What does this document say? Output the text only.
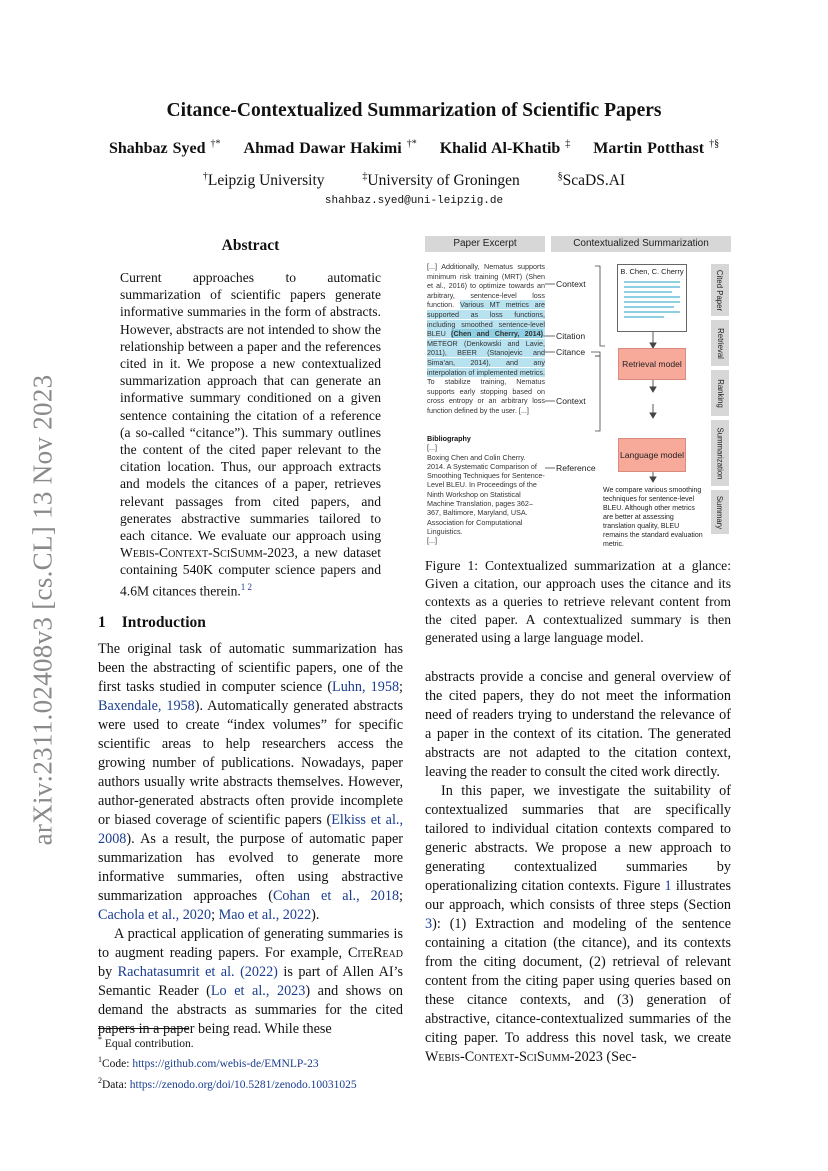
arXiv:2311.02408v3 [cs.CL] 13 Nov 2023
Citance-Contextualized Summarization of Scientific Papers
Shahbaz Syed †* Ahmad Dawar Hakimi †* Khalid Al-Khatib ‡ Martin Potthast †§
†Leipzig University	‡University of Groningen	§ScaDS.AI
shahbaz.syed@uni-leipzig.de
Abstract

Current approaches to automatic summarization of scientific papers generate informative summaries in the form of abstracts. However, abstracts are not intended to show the relationship between a paper and the references cited in it. We propose a new contextualized summarization approach that can generate an informative summary conditioned on a given sentence containing the citation of a reference (a so-called “citance”). This summary outlines the content of the cited paper relevant to the citation location. Thus, our approach extracts and models the citances of a paper, retrieves relevant passages from cited papers, and generates abstractive summaries tailored to each citance. We evaluate our approach using Webis-Context-SciSumm-2023, a new dataset containing 540K computer science papers and 4.6M citances therein.$^{1 2}$

1 Introduction

The original task of automatic summarization has been the abstracting of scientific papers, one of the first tasks studied in computer science (Luhn, 1958; Baxendale, 1958). Automatically generated abstracts were used to create “index volumes” for specific scientific areas to help researchers access the growing number of publications. Nowadays, paper authors usually write abstracts themselves. However, author-generated abstracts often provide incomplete or biased coverage of scientific papers (Elkiss et al., 2008). As a result, the purpose of automatic paper summarization has evolved to generate more informative summaries, often using abstractive summarization approaches (Cohan et al., 2018; Cachola et al., 2020; Mao et al., 2022).

A practical application of generating summaries is to augment reading papers. For example, CiteRead by Rachatasumrit et al. (2022) is part of Allen AI’s Semantic Reader (Lo et al., 2023) and shows on demand the abstracts as summaries for the cited papers in a paper being read. While these

* Equal contribution.
$^1$Code: https://github.com/webis-de/EMNLP-23
$^2$Data: https://zenodo.org/doi/10.5281/zenodo.10031025
Paper Excerpt	Contextualized Summarization
[...] Additionally, Nematus supports minimum risk training (MRT) (Shen et al., 2016) to optimize towards an arbitrary, sentence-level loss function. Various MT metrics are supported as loss functions, including smoothed sentence-level BLEU (Chen and Cherry, 2014), METEOR (Denkowski and Lavie, 2011), BEER (Stanojevic and Sima’an, 2014), and any interpolation of implemented metrics. To stabilize training, Nematus supports early stopping based on cross entropy or an arbitrary loss function defined by the user. [...]
Bibliography
[...]
Boxing Chen and Colin Cherry. 2014. A Systematic Comparison of Smoothing Techniques for Sentence-Level BLEU. In Proceedings of the Ninth Workshop on Statistical Machine Translation, pages 362–367, Baltimore, Maryland, USA. Association for Computational Linguistics.
[...]
Context
Citation
Citance
Context
Reference
B. Chen, C. Cherry
Retrieval model
Language model
We compare various smoothing techniques for sentence-level BLEU. Although other metrics are better at assessing translation quality, BLEU remains the standard evaluation metric.
Cited Paper
Retrieval
Ranking
Summarization
Summary
Figure 1: Contextualized summarization at a glance: Given a citation, our approach uses the citance and its contexts as a queries to retrieve relevant content from the cited paper. A contextualized summary is then generated using a large language model.

abstracts provide a concise and general overview of the cited papers, they do not meet the information need of readers trying to understand the relevance of a paper in the context of its citation. The generated abstracts are not adapted to the citation context, leaving the reader to consult the cited work directly.

In this paper, we investigate the suitability of contextualized summaries that are specifically tailored to individual citation contexts compared to generic abstracts. We propose a new approach to generating contextualized summaries by operationalizing citation contexts. Figure 1 illustrates our approach, which consists of three steps (Section 3): (1) Extraction and modeling of the sentence containing a citation (the citance), and its contexts from the citing document, (2) retrieval of relevant content from the citing paper using queries based on these citance contexts, and (3) generation of abstractive, citance-contextualized summaries of the citing paper. To address this novel task, we create Webis-Context-SciSumm-2023 (Sec-
